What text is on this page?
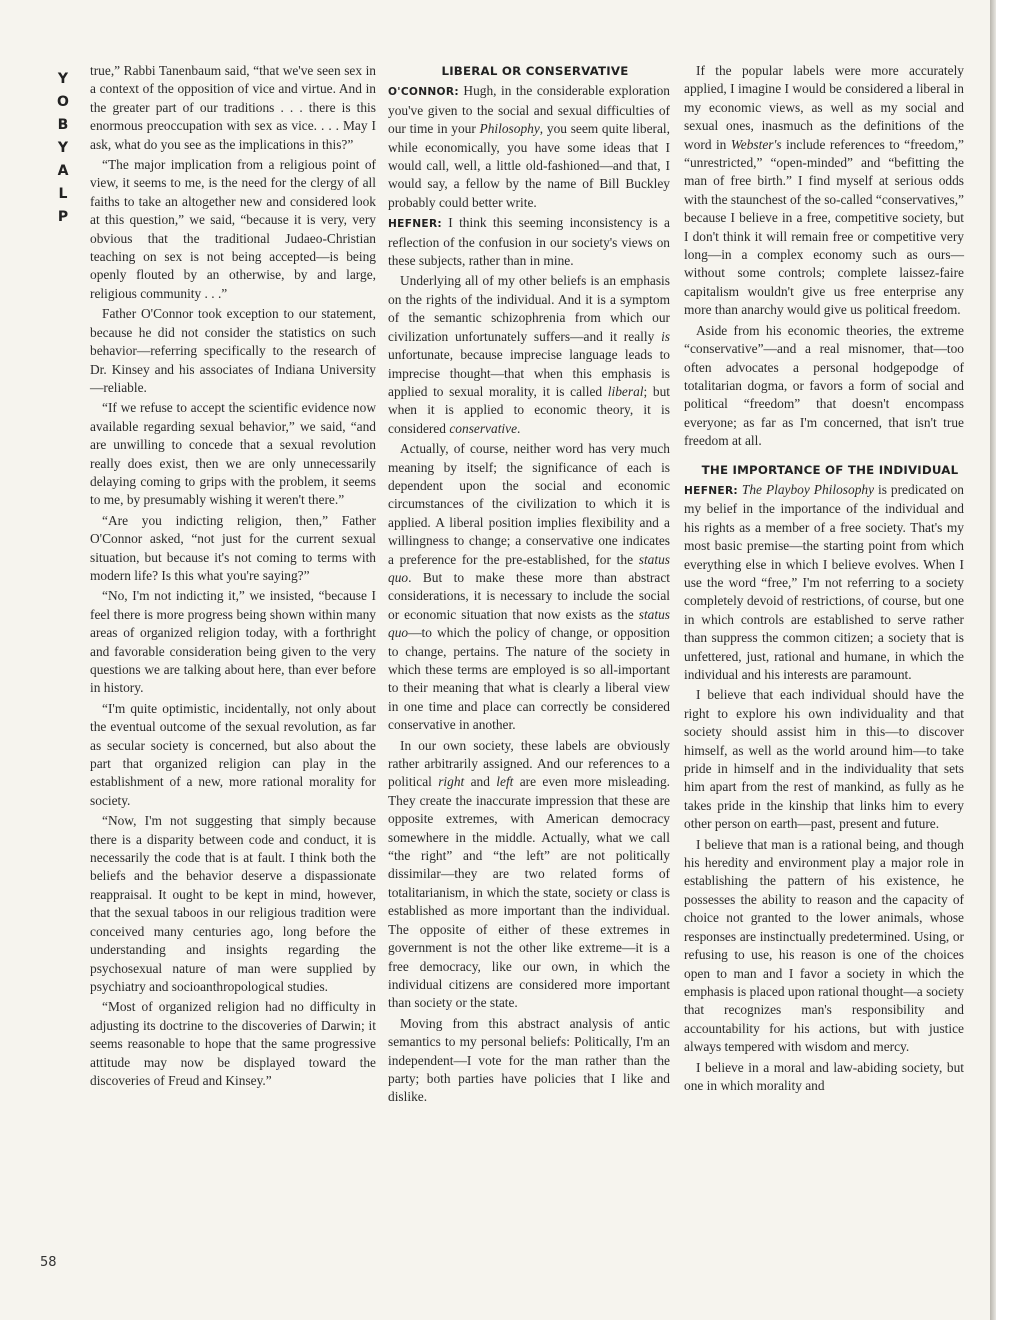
Y
O
B
Y
A
L
P
58

true,” Rabbi Tanenbaum said, “that we've seen sex in a context of the opposition of vice and virtue. And in the greater part of our traditions . . . there is this enormous preoccupation with sex as vice. . . . May I ask, what do you see as the implications in this?”

“The major implication from a religious point of view, it seems to me, is the need for the clergy of all faiths to take an altogether new and considered look at this question,” we said, “because it is very, very obvious that the traditional Judaeo-Christian teaching on sex is not being accepted—is being openly flouted by an otherwise, by and large, religious community . . .”

Father O'Connor took exception to our statement, because he did not consider the statistics on such behavior—referring specifically to the research of Dr. Kinsey and his associates of Indiana University—reliable.

“If we refuse to accept the scientific evidence now available regarding sexual behavior,” we said, “and are unwilling to concede that a sexual revolution really does exist, then we are only unnecessarily delaying coming to grips with the problem, it seems to me, by presumably wishing it weren't there.”

“Are you indicting religion, then,” Father O'Connor asked, “not just for the current sexual situation, but because it's not coming to terms with modern life? Is this what you're saying?”

“No, I'm not indicting it,” we insisted, “because I feel there is more progress being shown within many areas of organized religion today, with a forthright and favorable consideration being given to the very questions we are talking about here, than ever before in history.

“I'm quite optimistic, incidentally, not only about the eventual outcome of the sexual revolution, as far as secular society is concerned, but also about the part that organized religion can play in the establishment of a new, more rational morality for society.

“Now, I'm not suggesting that simply because there is a disparity between code and conduct, it is necessarily the code that is at fault. I think both the beliefs and the behavior deserve a dispassionate reappraisal. It ought to be kept in mind, however, that the sexual taboos in our religious tradition were conceived many centuries ago, long before the understanding and insights regarding the psychosexual nature of man were supplied by psychiatry and socioanthropological studies.

“Most of organized religion had no difficulty in adjusting its doctrine to the discoveries of Darwin; it seems reasonable to hope that the same progressive attitude may now be displayed toward the discoveries of Freud and Kinsey.”

LIBERAL OR CONSERVATIVE

O'CONNOR: Hugh, in the considerable exploration you've given to the social and sexual difficulties of our time in your Philosophy, you seem quite liberal, while economically, you have some ideas that I would call, well, a little old-fashioned—and that, I would say, a fellow by the name of Bill Buckley probably could better write.

HEFNER: I think this seeming inconsistency is a reflection of the confusion in our society's views on these subjects, rather than in mine.

Underlying all of my other beliefs is an emphasis on the rights of the individual. And it is a symptom of the semantic schizophrenia from which our civilization unfortunately suffers—and it really is unfortunate, because imprecise language leads to imprecise thought—that when this emphasis is applied to sexual morality, it is called liberal; but when it is applied to economic theory, it is considered conservative.

Actually, of course, neither word has very much meaning by itself; the significance of each is dependent upon the social and economic circumstances of the civilization to which it is applied. A liberal position implies flexibility and a willingness to change; a conservative one indicates a preference for the pre-established, for the status quo. But to make these more than abstract considerations, it is necessary to include the social or economic situation that now exists as the status quo—to which the policy of change, or opposition to change, pertains. The nature of the society in which these terms are employed is so all-important to their meaning that what is clearly a liberal view in one time and place can correctly be considered conservative in another.

In our own society, these labels are obviously rather arbitrarily assigned. And our references to a political right and left are even more misleading. They create the inaccurate impression that these are opposite extremes, with American democracy somewhere in the middle. Actually, what we call “the right” and “the left” are not politically dissimilar—they are two related forms of totalitarianism, in which the state, society or class is established as more important than the individual. The opposite of either of these extremes in government is not the other like extreme—it is a free democracy, like our own, in which the individual citizens are considered more important than society or the state.

Moving from this abstract analysis of antic semantics to my personal beliefs: Politically, I'm an independent—I vote for the man rather than the party; both parties have policies that I like and dislike.

If the popular labels were more accurately applied, I imagine I would be considered a liberal in my economic views, as well as my social and sexual ones, inasmuch as the definitions of the word in Webster's include references to “freedom,” “unrestricted,” “open-minded” and “befitting the man of free birth.” I find myself at serious odds with the staunchest of the so-called “conservatives,” because I believe in a free, competitive society, but I don't think it will remain free or competitive very long—in a complex economy such as ours—without some controls; complete laissez-faire capitalism wouldn't give us free enterprise any more than anarchy would give us political freedom.

Aside from his economic theories, the extreme “conservative”—and a real misnomer, that—too often advocates a personal hodgepodge of totalitarian dogma, or favors a form of social and political “freedom” that doesn't encompass everyone; as far as I'm concerned, that isn't true freedom at all.

THE IMPORTANCE OF THE INDIVIDUAL

HEFNER: The Playboy Philosophy is predicated on my belief in the importance of the individual and his rights as a member of a free society. That's my most basic premise—the starting point from which everything else in which I believe evolves. When I use the word “free,” I'm not referring to a society completely devoid of restrictions, of course, but one in which controls are established to serve rather than suppress the common citizen; a society that is unfettered, just, rational and humane, in which the individual and his interests are paramount.

I believe that each individual should have the right to explore his own individuality and that society should assist him in this—to discover himself, as well as the world around him—to take pride in himself and in the individuality that sets him apart from the rest of mankind, as fully as he takes pride in the kinship that links him to every other person on earth—past, present and future.

I believe that man is a rational being, and though his heredity and environment play a major role in establishing the pattern of his existence, he possesses the ability to reason and the capacity of choice not granted to the lower animals, whose responses are instinctually predetermined. Using, or refusing to use, his reason is one of the choices open to man and I favor a society in which the emphasis is placed upon rational thought—a society that recognizes man's responsibility and accountability for his actions, but with justice always tempered with wisdom and mercy.

I believe in a moral and law-abiding society, but one in which morality and
